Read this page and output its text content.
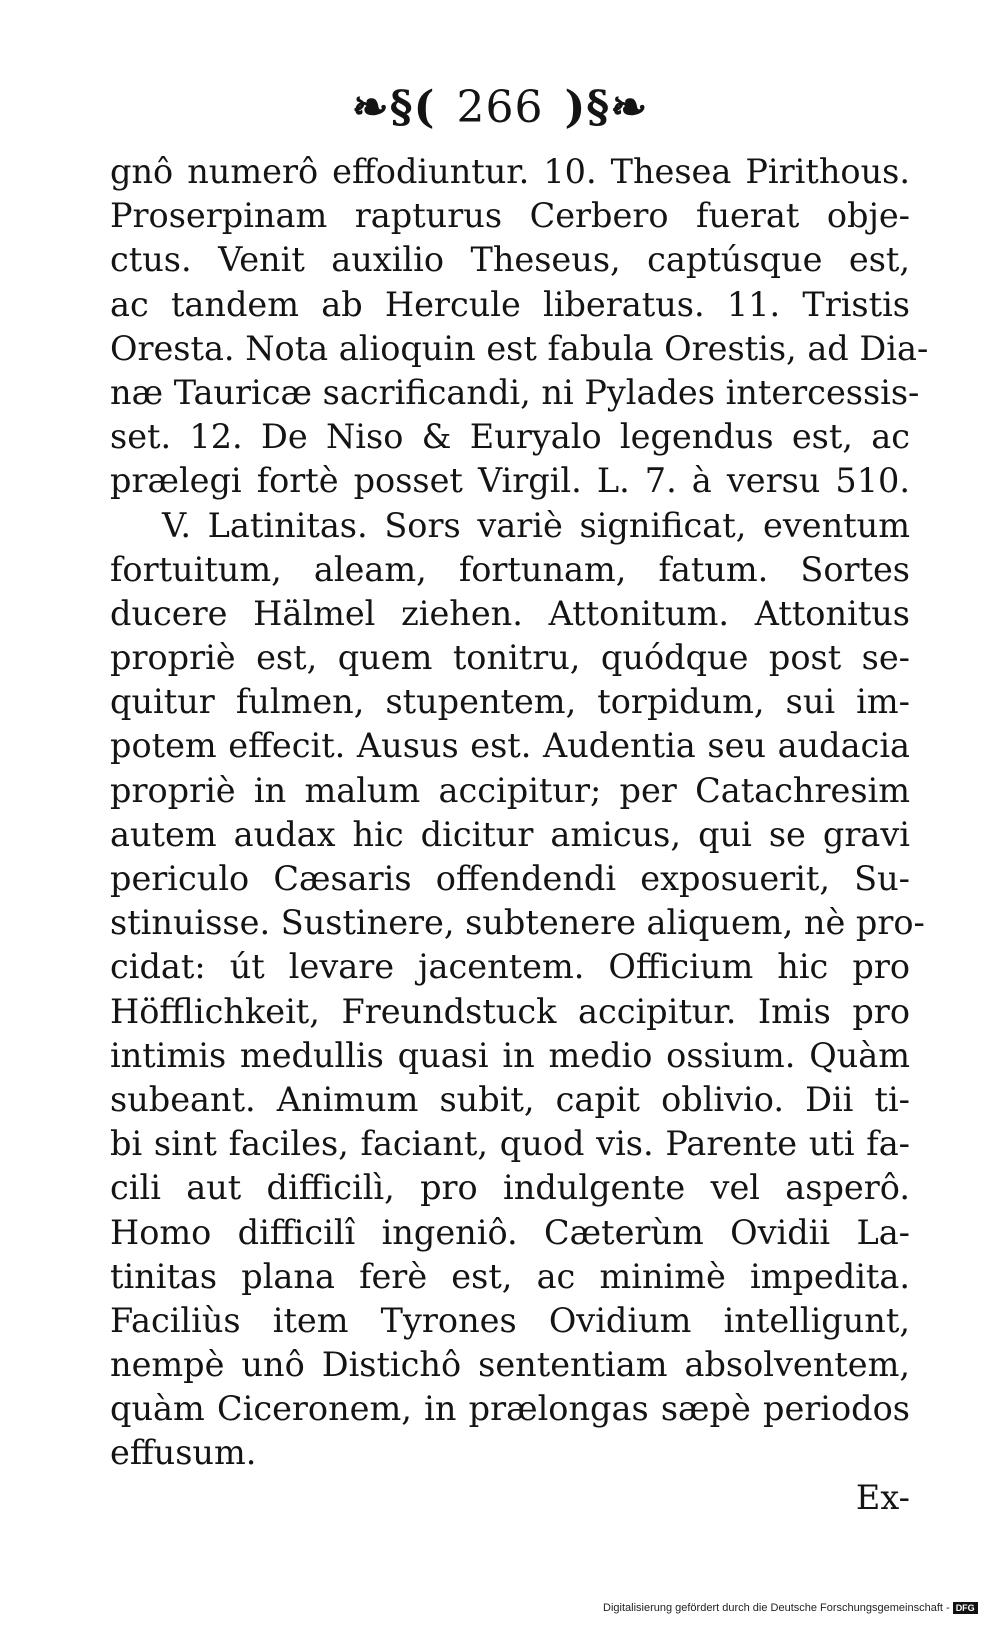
❧§( 266 )§❧
gnô numerô effodiuntur. 10. Thesea Pirithous.
Proserpinam rapturus Cerbero fuerat obje-
ctus. Venit auxilio Theseus, captúsque est,
ac tandem ab Hercule liberatus. 11. Tristis
Oresta. Nota alioquin est fabula Orestis, ad Dia-
næ Tauricæ sacrificandi, ni Pylades intercessis-
set. 12. De Niso & Euryalo legendus est, ac
prælegi fortè posset Virgil. L. 7. à versu 510.
V. Latinitas. Sors variè significat, eventum
fortuitum, aleam, fortunam, fatum. Sortes
ducere Hälmel ziehen. Attonitum. Attonitus
propriè est, quem tonitru, quódque post se-
quitur fulmen, stupentem, torpidum, sui im-
potem effecit. Ausus est. Audentia seu audacia
propriè in malum accipitur; per Catachresim
autem audax hic dicitur amicus, qui se gravi
periculo Cæsaris offendendi exposuerit, Su-
stinuisse. Sustinere, subtenere aliquem, nè pro-
cidat: út levare jacentem. Officium hic pro
Höfflichkeit, Freundstuck accipitur. Imis pro
intimis medullis quasi in medio ossium. Quàm
subeant. Animum subit, capit oblivio. Dii ti-
bi sint faciles, faciant, quod vis. Parente uti fa-
cili aut difficilì, pro indulgente vel asperô.
Homo difficilî ingeniô. Cæterùm Ovidii La-
tinitas plana ferè est, ac minimè impedita.
Faciliùs item Tyrones Ovidium intelligunt,
nempè unô Distichô sententiam absolventem,
quàm Ciceronem, in prælongas sæpè periodos
effusum.
Ex-
Digitalisierung gefördert durch die Deutsche Forschungsgemeinschaft - DFG
